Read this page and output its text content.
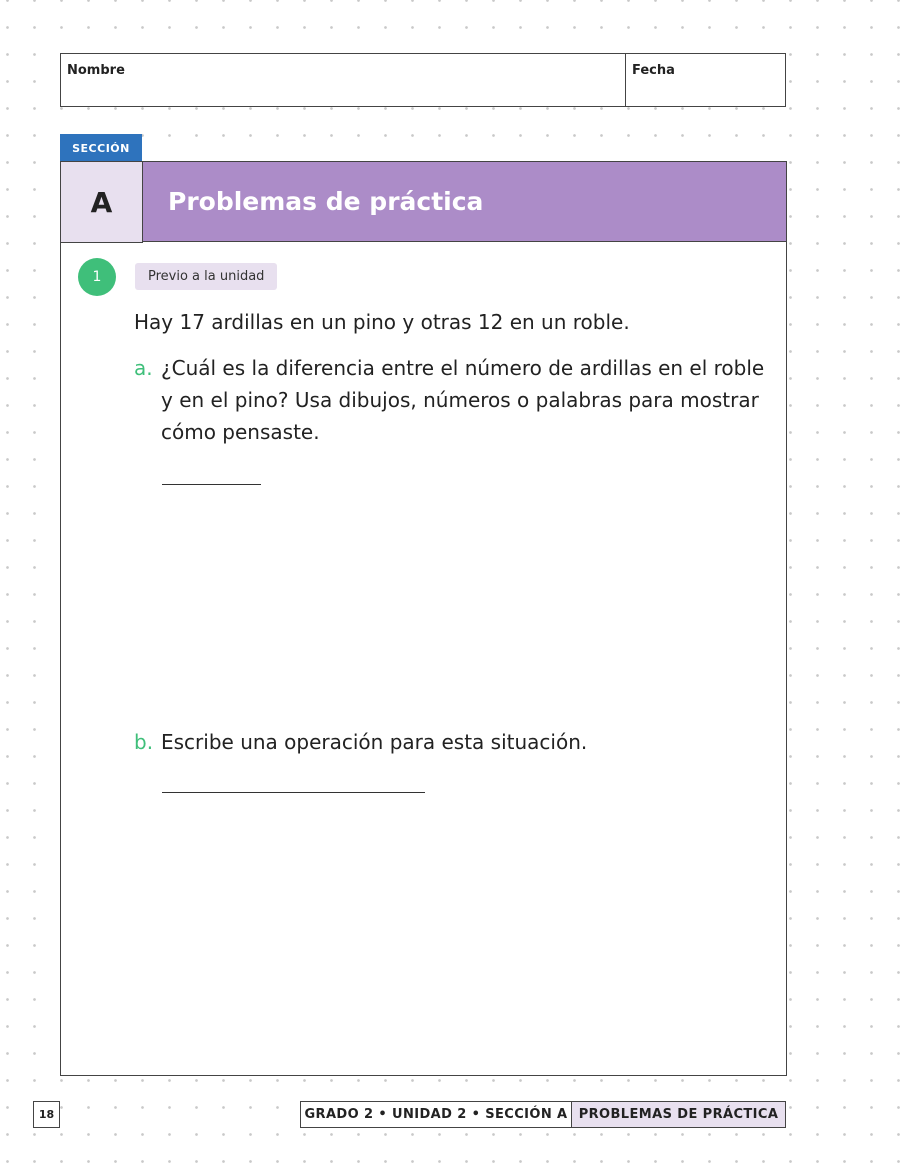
Nombre	Fecha
SECCIÓN
A	Problemas de práctica
1	Previo a la unidad
Hay 17 ardillas en un pino y otras 12 en un roble.
a. ¿Cuál es la diferencia entre el número de ardillas en el roble y en el pino? Usa dibujos, números o palabras para mostrar cómo pensaste.
b. Escribe una operación para esta situación.
18	GRADO 2 • UNIDAD 2 • SECCIÓN A PROBLEMAS DE PRÁCTICA
